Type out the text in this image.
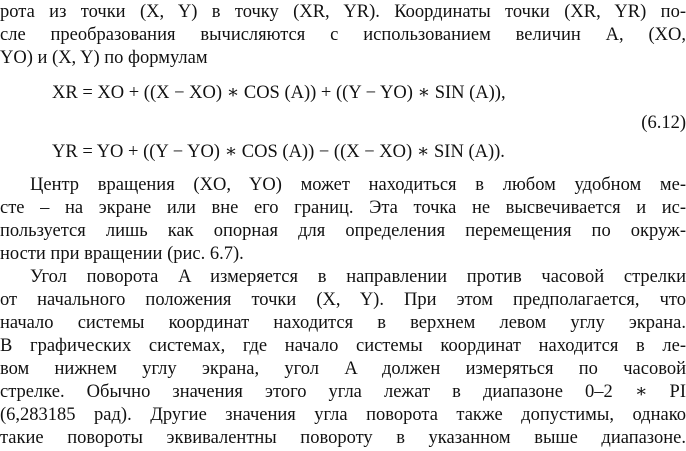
рота из точки (X, Y) в точку (XR, YR). Координаты точки (XR, YR) по-
сле преобразования вычисляются с использованием величин A, (XO,
YO) и (X, Y) по формулам
XR = XO + ((X − XO) ∗ COS (A)) + ((Y − YO) ∗ SIN (A)),
(6.12)
YR = YO + ((Y − YO) ∗ COS (A)) − ((X − XO) ∗ SIN (A)).
Центр вращения (XO, YO) может находиться в любом удобном ме-
сте – на экране или вне его границ. Эта точка не высвечивается и ис-
пользуется лишь как опорная для определения перемещения по окруж-
ности при вращении (рис. 6.7).
Угол поворота A измеряется в направлении против часовой стрелки
от начального положения точки (X, Y). При этом предполагается, что
начало системы координат находится в верхнем левом углу экрана.
В графических системах, где начало системы координат находится в ле-
вом нижнем углу экрана, угол A должен измеряться по часовой
стрелке. Обычно значения этого угла лежат в диапазоне 0–2 ∗ PI
(6,283185 рад). Другие значения угла поворота также допустимы, однако
такие повороты эквивалентны повороту в указанном выше диапазоне.
